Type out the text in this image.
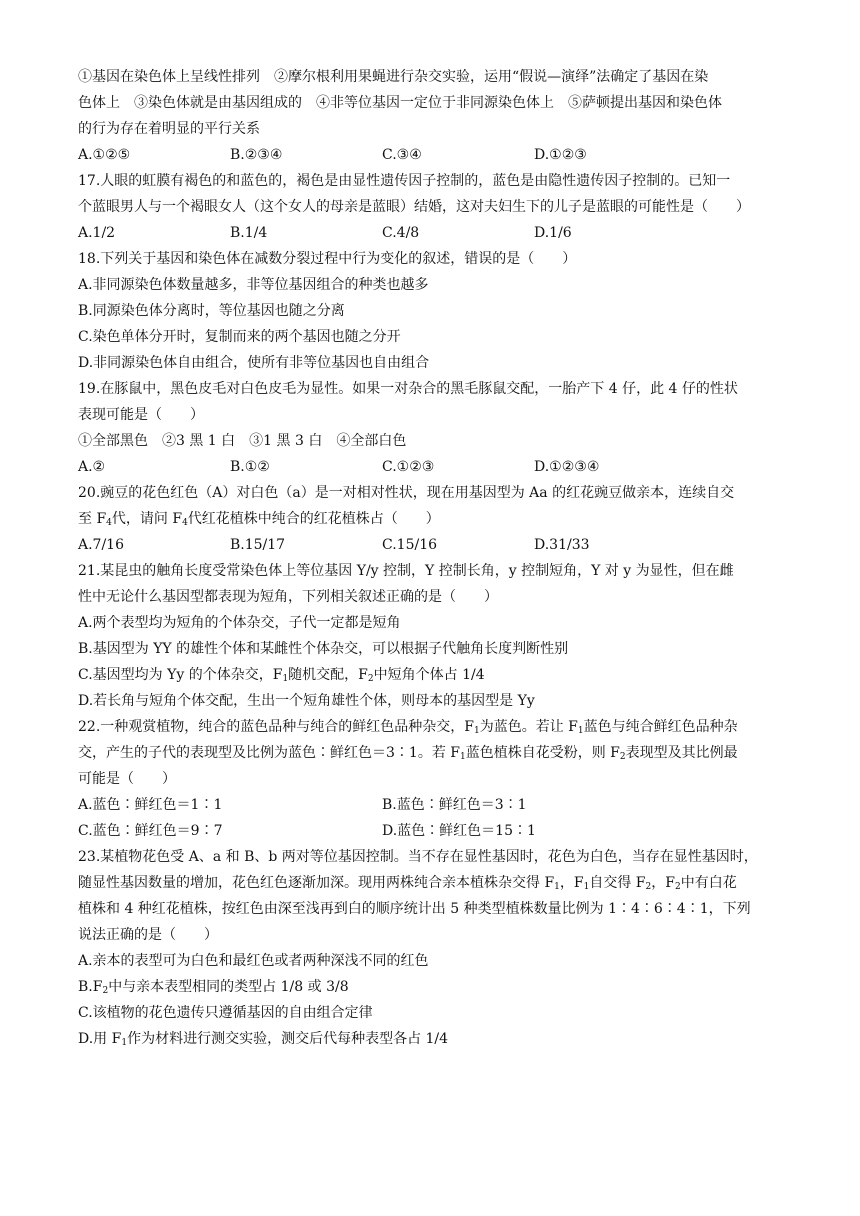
①基因在染色体上呈线性排列　②摩尔根利用果蝇进行杂交实验，运用“假说—演绎”法确定了基因在染
色体上　③染色体就是由基因组成的　④非等位基因一定位于非同源染色体上　⑤萨顿提出基因和染色体
的行为存在着明显的平行关系
A.①②⑤	B.②③④	C.③④	D.①②③
17.人眼的虹膜有褐色的和蓝色的，褐色是由显性遗传因子控制的，蓝色是由隐性遗传因子控制的。已知一
个蓝眼男人与一个褐眼女人（这个女人的母亲是蓝眼）结婚，这对夫妇生下的儿子是蓝眼的可能性是（　　）
A.1/2	B.1/4	C.4/8	D.1/6
18.下列关于基因和染色体在减数分裂过程中行为变化的叙述，错误的是（　　）
A.非同源染色体数量越多，非等位基因组合的种类也越多
B.同源染色体分离时，等位基因也随之分离
C.染色单体分开时，复制而来的两个基因也随之分开
D.非同源染色体自由组合，使所有非等位基因也自由组合
19.在豚鼠中，黑色皮毛对白色皮毛为显性。如果一对杂合的黑毛豚鼠交配，一胎产下 4 仔，此 4 仔的性状
表现可能是（　　）
①全部黑色　②3 黑 1 白　③1 黑 3 白　④全部白色
A.②	B.①②	C.①②③	D.①②③④
20.豌豆的花色红色（A）对白色（a）是一对相对性状，现在用基因型为 Aa 的红花豌豆做亲本，连续自交
至 $F_4$代，请问 $F_4$代红花植株中纯合的红花植株占（　　）
A.7/16	B.15/17	C.15/16	D.31/33
21.某昆虫的触角长度受常染色体上等位基因 Y/y 控制，Y 控制长角，y 控制短角，Y 对 y 为显性，但在雌
性中无论什么基因型都表现为短角，下列相关叙述正确的是（　　）
A.两个表型均为短角的个体杂交，子代一定都是短角
B.基因型为 YY 的雄性个体和某雌性个体杂交，可以根据子代触角长度判断性别
C.基因型均为 Yy 的个体杂交，$F_1$随机交配，$F_2$中短角个体占 1/4
D.若长角与短角个体交配，生出一个短角雄性个体，则母本的基因型是 Yy
22.一种观赏植物，纯合的蓝色品种与纯合的鲜红色品种杂交，$F_1$为蓝色。若让 $F_1$蓝色与纯合鲜红色品种杂
交，产生的子代的表现型及比例为蓝色∶鲜红色＝3∶1。若 $F_1$蓝色植株自花受粉，则 $F_2$表现型及其比例最
可能是（　　）
A.蓝色∶鲜红色＝1∶1	B.蓝色∶鲜红色＝3∶1
C.蓝色∶鲜红色＝9∶7	D.蓝色∶鲜红色＝15∶1
23.某植物花色受 A、a 和 B、b 两对等位基因控制。当不存在显性基因时，花色为白色，当存在显性基因时，
随显性基因数量的增加，花色红色逐渐加深。现用两株纯合亲本植株杂交得 $F_1$，$F_1$自交得 $F_2$，$F_2$中有白花
植株和 4 种红花植株，按红色由深至浅再到白的顺序统计出 5 种类型植株数量比例为 1∶4∶6∶4∶1，下列
说法正确的是（　　）
A.亲本的表型可为白色和最红色或者两种深浅不同的红色
$B.F_2$中与亲本表型相同的类型占 1/8 或 3/8
C.该植物的花色遗传只遵循基因的自由组合定律
D.用 $F_1$作为材料进行测交实验，测交后代每种表型各占 1/4
